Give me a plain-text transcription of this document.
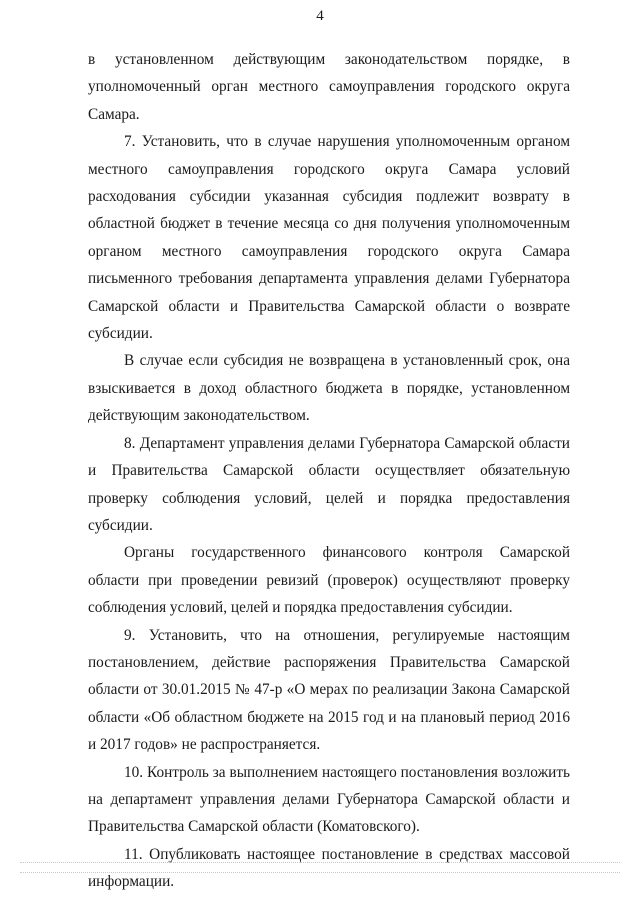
4

в установленном действующим законодательством порядке, в уполномоченный орган местного самоуправления городского округа Самара.

7. Установить, что в случае нарушения уполномоченным органом местного самоуправления городского округа Самара условий расходования субсидии указанная субсидия подлежит возврату в областной бюджет в течение месяца со дня получения уполномоченным органом местного самоуправления городского округа Самара письменного требования департамента управления делами Губернатора Самарской области и Правительства Самарской области о возврате субсидии.

В случае если субсидия не возвращена в установленный срок, она взыскивается в доход областного бюджета в порядке, установленном действующим законодательством.

8. Департамент управления делами Губернатора Самарской области и Правительства Самарской области осуществляет обязательную проверку соблюдения условий, целей и порядка предоставления субсидии.

Органы государственного финансового контроля Самарской области при проведении ревизий (проверок) осуществляют проверку соблюдения условий, целей и порядка предоставления субсидии.

9. Установить, что на отношения, регулируемые настоящим постановлением, действие распоряжения Правительства Самарской области от 30.01.2015 № 47-р «О мерах по реализации Закона Самарской области «Об областном бюджете на 2015 год и на плановый период 2016 и 2017 годов» не распространяется.

10. Контроль за выполнением настоящего постановления возложить на департамент управления делами Губернатора Самарской области и Правительства Самарской области (Коматовского).

11. Опубликовать настоящее постановление в средствах массовой информации.
